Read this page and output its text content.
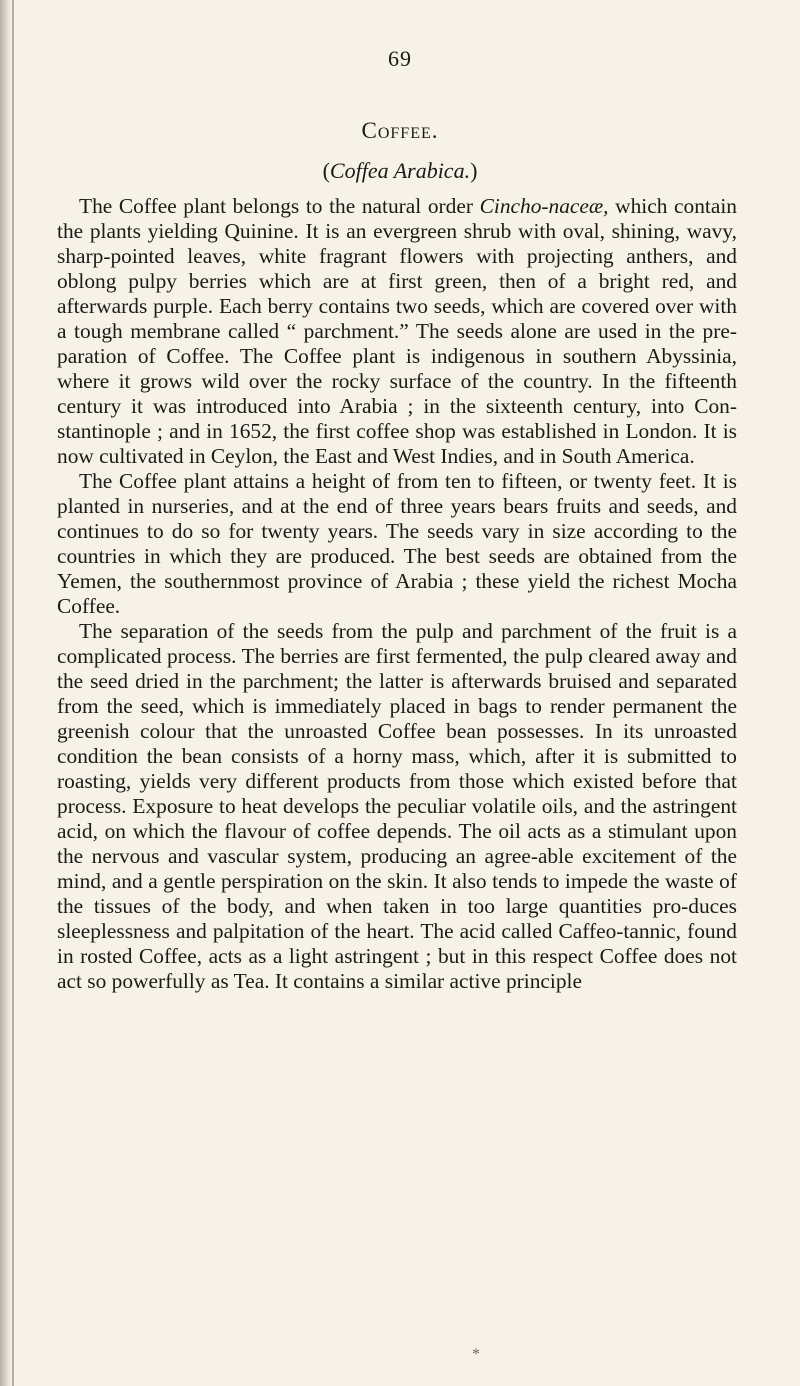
69
Coffee.
(Coffea Arabica.)

The Coffee plant belongs to the natural order Cincho-naceæ, which contain the plants yielding Quinine. It is an evergreen shrub with oval, shining, wavy, sharp-pointed leaves, white fragrant flowers with projecting anthers, and oblong pulpy berries which are at first green, then of a bright red, and afterwards purple. Each berry contains two seeds, which are covered over with a tough membrane called “ parchment.” The seeds alone are used in the pre-paration of Coffee. The Coffee plant is indigenous in southern Abyssinia, where it grows wild over the rocky surface of the country. In the fifteenth century it was introduced into Arabia ; in the sixteenth century, into Con-stantinople ; and in 1652, the first coffee shop was established in London. It is now cultivated in Ceylon, the East and West Indies, and in South America.

The Coffee plant attains a height of from ten to fifteen, or twenty feet. It is planted in nurseries, and at the end of three years bears fruits and seeds, and continues to do so for twenty years. The seeds vary in size according to the countries in which they are produced. The best seeds are obtained from the Yemen, the southernmost province of Arabia ; these yield the richest Mocha Coffee.

The separation of the seeds from the pulp and parchment of the fruit is a complicated process. The berries are first fermented, the pulp cleared away and the seed dried in the parchment; the latter is afterwards bruised and separated from the seed, which is immediately placed in bags to render permanent the greenish colour that the unroasted Coffee bean possesses. In its unroasted condition the bean consists of a horny mass, which, after it is submitted to roasting, yields very different products from those which existed before that process. Exposure to heat develops the peculiar volatile oils, and the astringent acid, on which the flavour of coffee depends. The oil acts as a stimulant upon the nervous and vascular system, producing an agree-able excitement of the mind, and a gentle perspiration on the skin. It also tends to impede the waste of the tissues of the body, and when taken in too large quantities pro-duces sleeplessness and palpitation of the heart. The acid called Caffeo-tannic, found in rosted Coffee, acts as a light astringent ; but in this respect Coffee does not act so powerfully as Tea. It contains a similar active principle

*
